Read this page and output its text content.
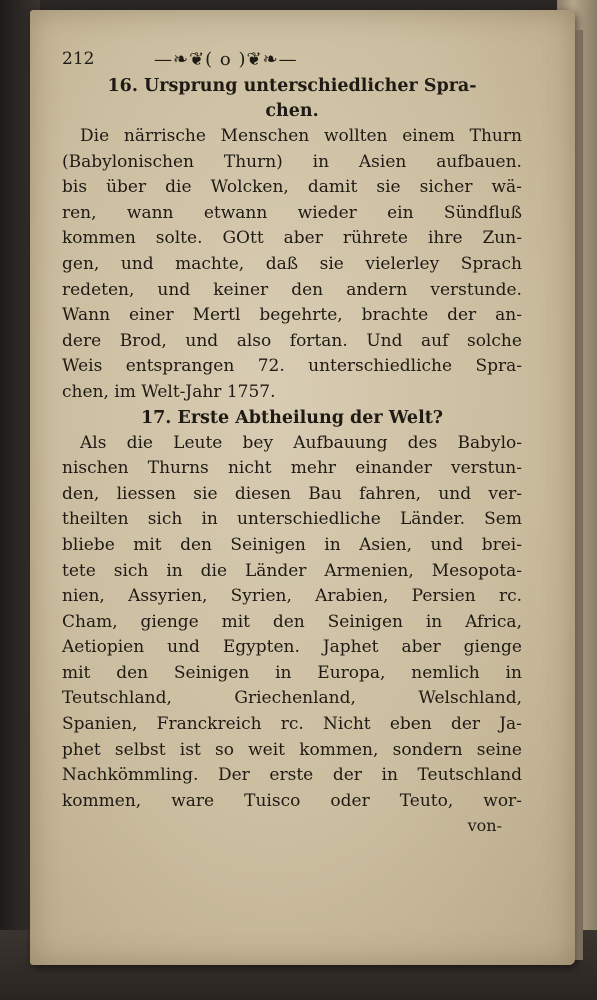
212	—❧❦( o )❦❧—
16. Ursprung unterschiedlicher Spra-
chen.
Die närrische Menschen wollten einem Thurn
(Babylonischen Thurn) in Asien aufbauen.
bis über die Wolcken, damit sie sicher wä-
ren, wann etwann wieder ein Sündfluß
kommen solte. GOtt aber rührete ihre Zun-
gen, und machte, daß sie vielerley Sprach
redeten, und keiner den andern verstunde.
Wann einer Mertl begehrte, brachte der an-
dere Brod, und also fortan. Und auf solche
Weis entsprangen 72. unterschiedliche Spra-
chen, im Welt-Jahr 1757.
17. Erste Abtheilung der Welt?
Als die Leute bey Aufbauung des Babylo-
nischen Thurns nicht mehr einander verstun-
den, liessen sie diesen Bau fahren, und ver-
theilten sich in unterschiedliche Länder. Sem
bliebe mit den Seinigen in Asien, und brei-
tete sich in die Länder Armenien, Mesopota-
nien, Assyrien, Syrien, Arabien, Persien rc.
Cham, gienge mit den Seinigen in Africa,
Aetiopien und Egypten. Japhet aber gienge
mit den Seinigen in Europa, nemlich in
Teutschland,	Griechenland,	Welschland,
Spanien, Franckreich rc. Nicht eben der Ja-
phet selbst ist so weit kommen, sondern seine
Nachkömmling. Der erste der in Teutschland
kommen, ware Tuisco oder Teuto, wor-
von-
